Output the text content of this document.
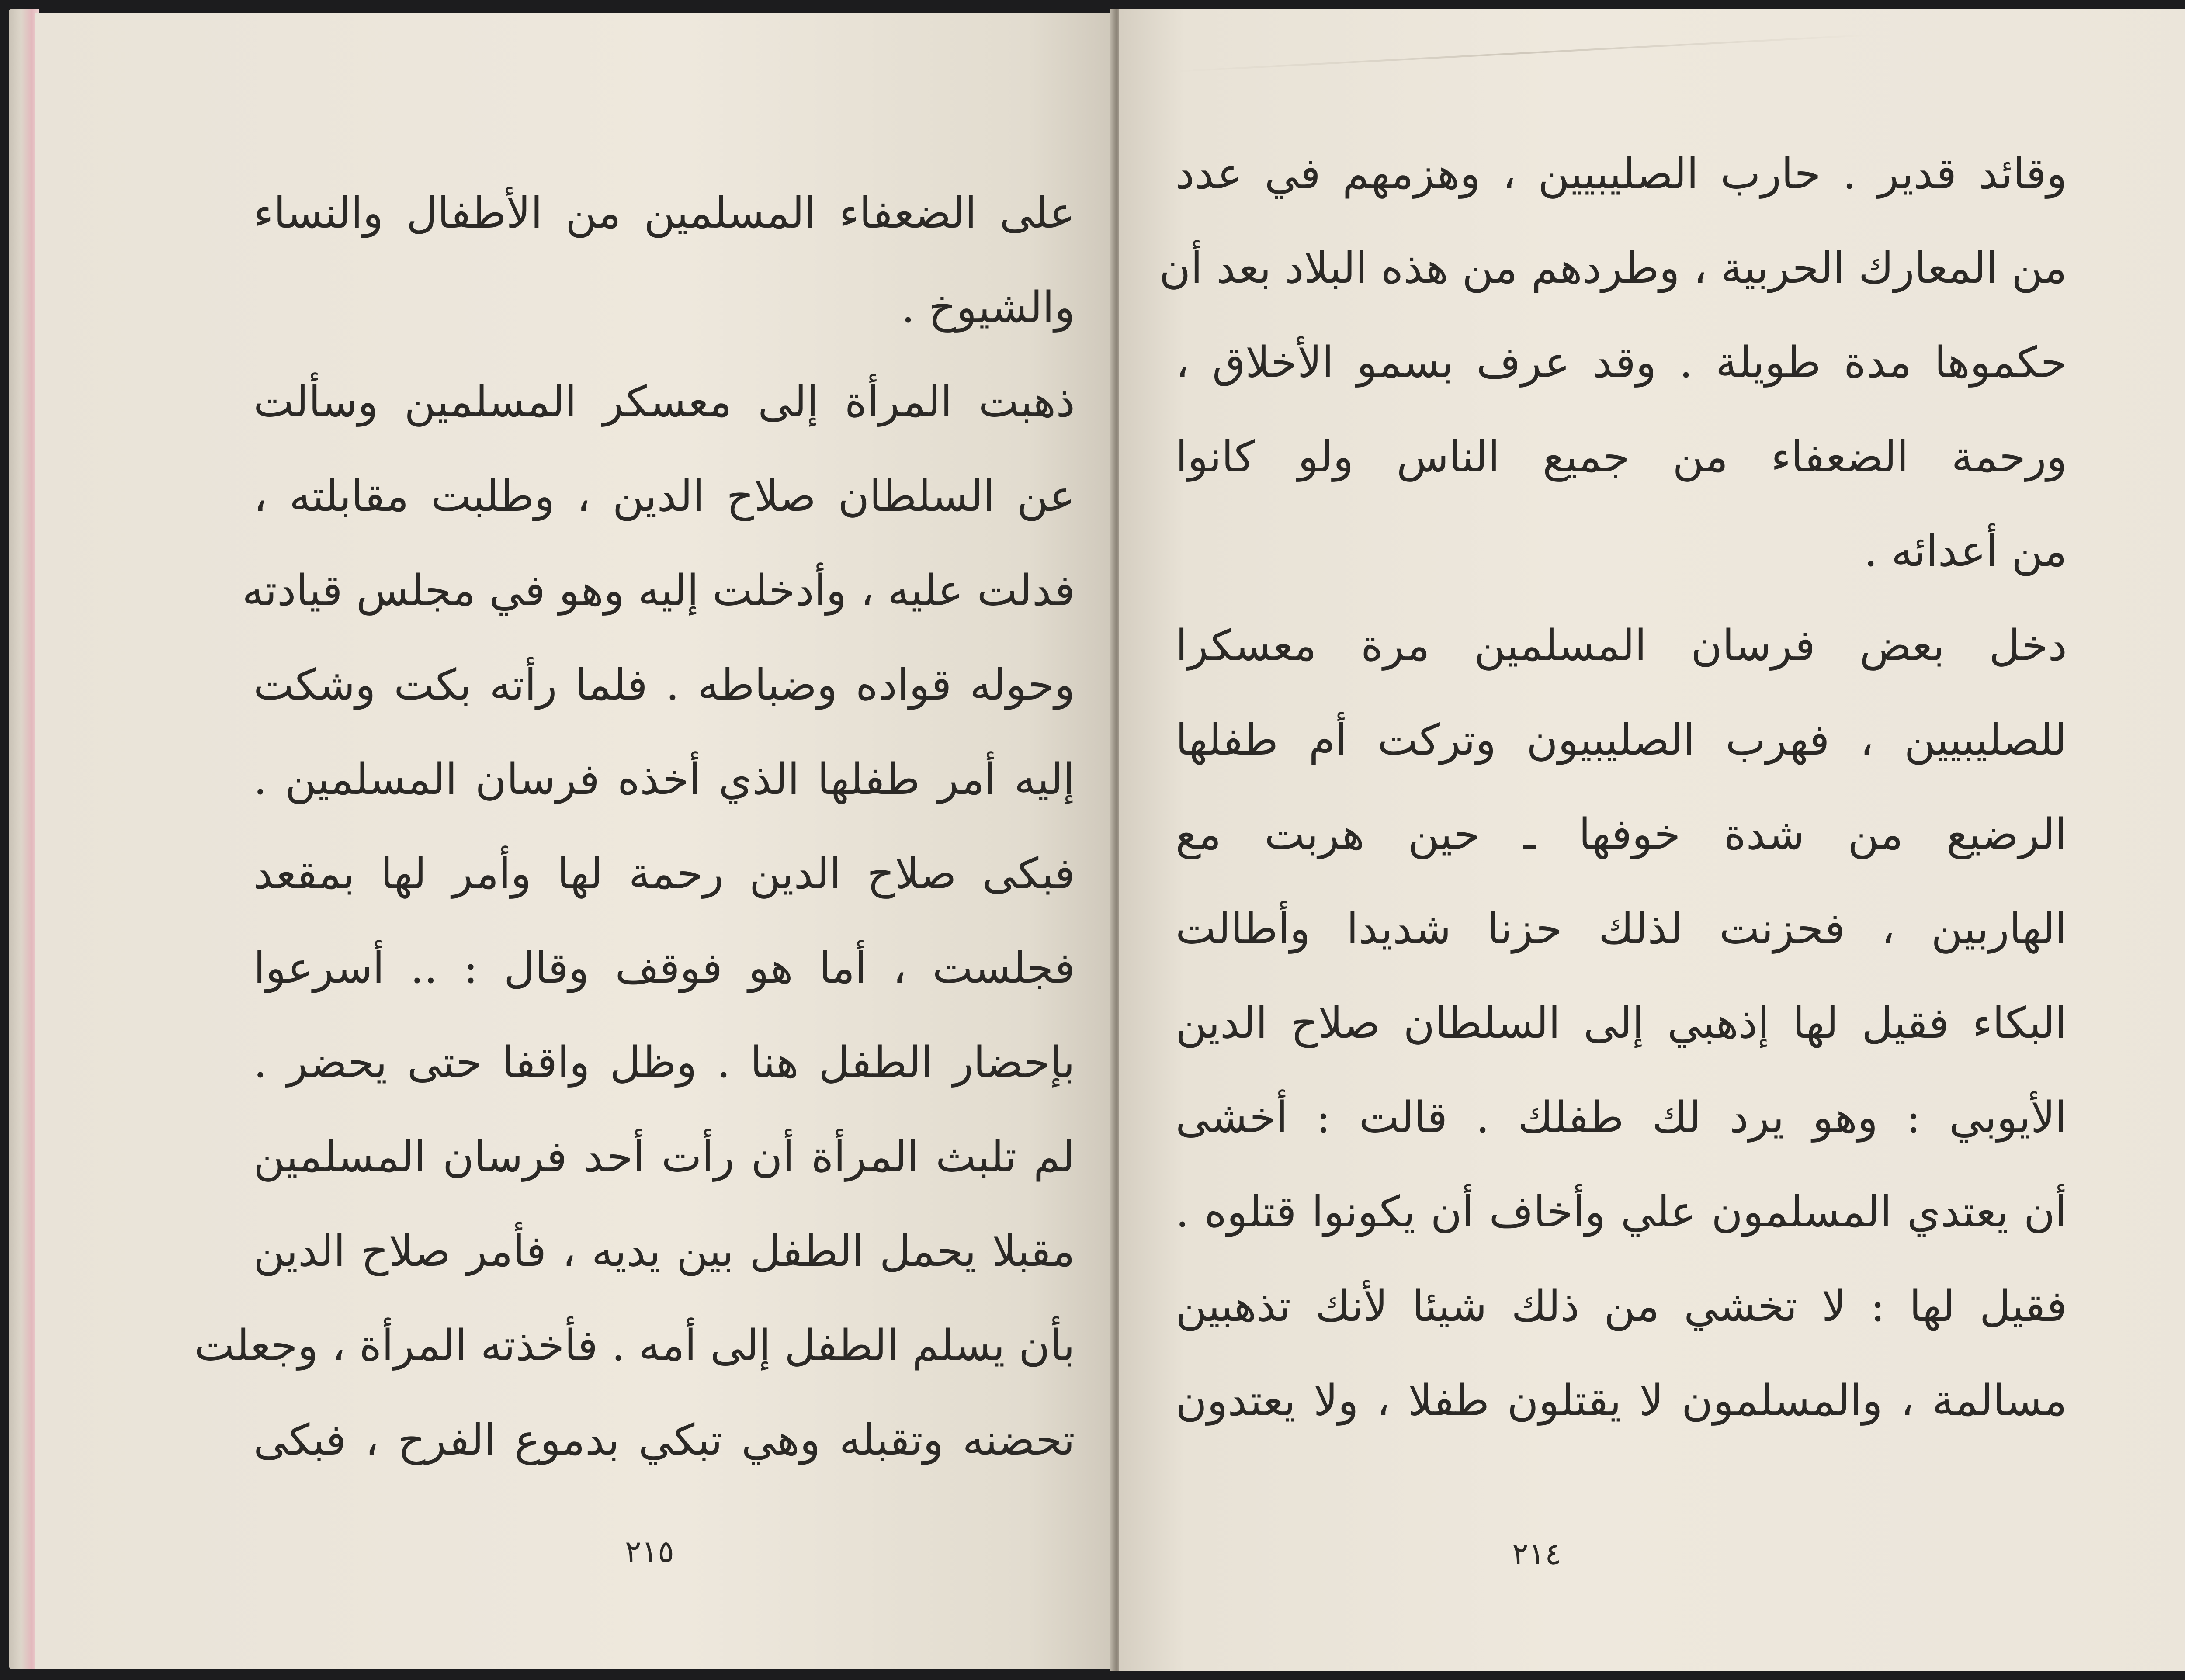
على الضعفاء المسلمين من الأطفال والنساء
والشيوخ .
ذهبت المرأة إلى معسكر المسلمين وسألت
عن السلطان صلاح الدين ، وطلبت مقابلته ،
فدلت عليه ، وأدخلت إليه وهو في مجلس قيادته
وحوله قواده وضباطه . فلما رأته بكت وشكت
إليه أمر طفلها الذي أخذه فرسان المسلمين .
فبكى صلاح الدين رحمة لها وأمر لها بمقعد
فجلست ، أما هو فوقف وقال : .. أسرعوا
بإحضار الطفل هنا . وظل واقفا حتى يحضر .
لم تلبث المرأة أن رأت أحد فرسان المسلمين
مقبلا يحمل الطفل بين يديه ، فأمر صلاح الدين
بأن يسلم الطفل إلى أمه . فأخذته المرأة ، وجعلت
تحضنه وتقبله وهي تبكي بدموع الفرح ، فبكى
٢١٥
وقائد قدير . حارب الصليبيين ، وهزمهم في عدد
من المعارك الحربية ، وطردهم من هذه البلاد بعد أن
حكموها مدة طويلة . وقد عرف بسمو الأخلاق ،
ورحمة الضعفاء من جميع الناس ولو كانوا
من أعدائه .
دخل بعض فرسان المسلمين مرة معسكرا
للصليبيين ، فهرب الصليبيون وتركت أم طفلها
الرضيع من شدة خوفها ـ حين هربت مع
الهاربين ، فحزنت لذلك حزنا شديدا وأطالت
البكاء فقيل لها إذهبي إلى السلطان صلاح الدين
الأيوبي : وهو يرد لك طفلك . قالت : أخشى
أن يعتدي المسلمون علي وأخاف أن يكونوا قتلوه .
فقيل لها : لا تخشي من ذلك شيئا لأنك تذهبين
مسالمة ، والمسلمون لا يقتلون طفلا ، ولا يعتدون
٢١٤
